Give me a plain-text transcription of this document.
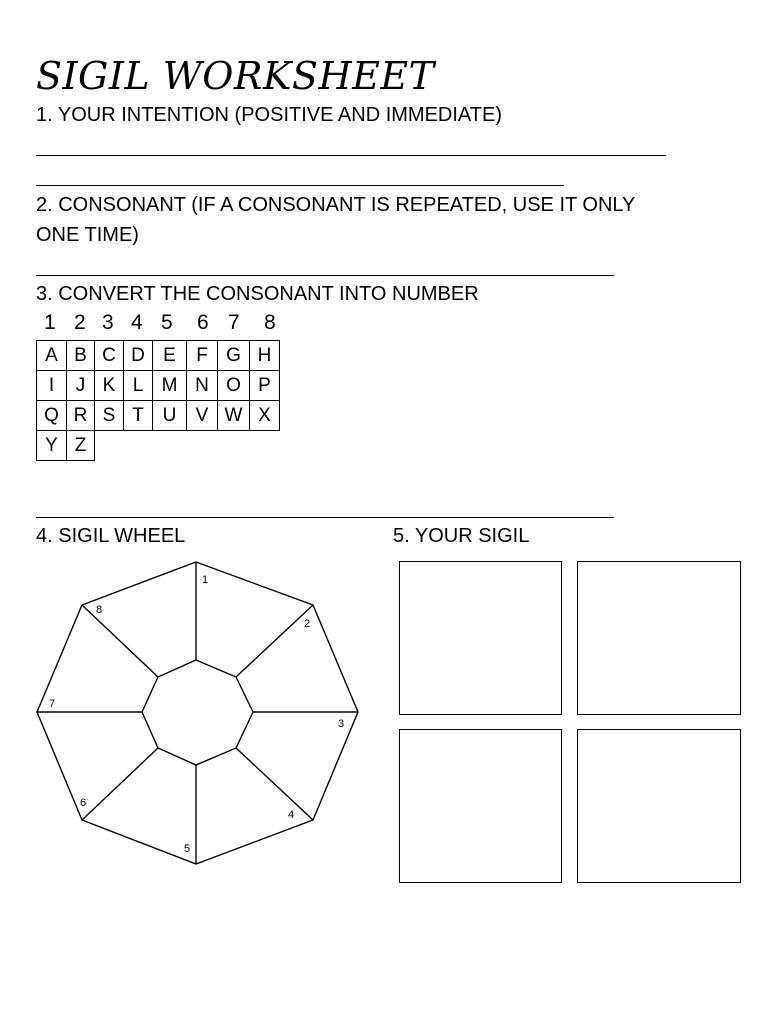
SIGIL WORKSHEET
1. YOUR INTENTION (POSITIVE AND IMMEDIATE)
2. CONSONANT (IF A CONSONANT IS REPEATED, USE IT ONLY
ONE TIME)
3. CONVERT THE CONSONANT INTO NUMBER
1 2 3 4 5 6 7 8
A	B	C	D	E	F	G	H
I	J	K	L	M	N	O	P
Q	R	S	T	U	V	W	X
Y	Z						
4. SIGIL WHEEL	5. YOUR SIGIL
1
2
3
4
5
6
7
8
